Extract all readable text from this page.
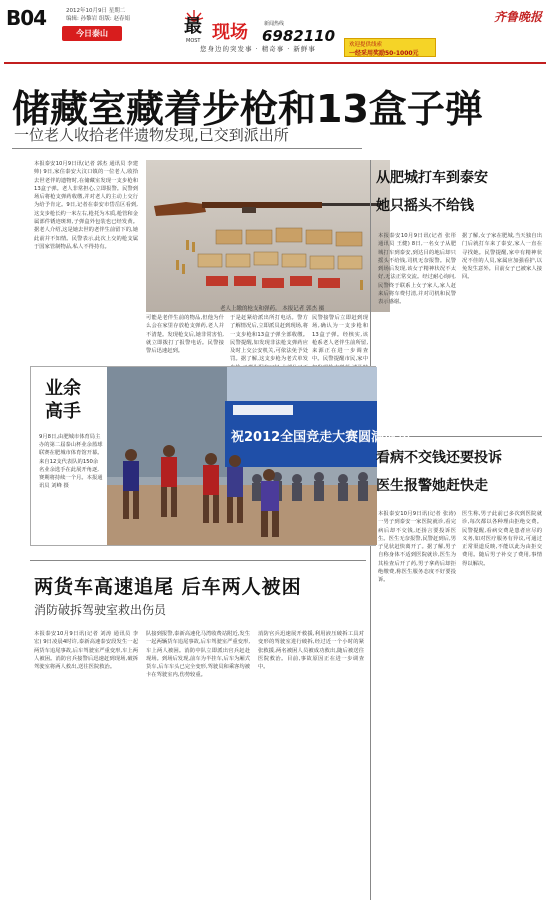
B04	2012年10月9日 星期二
编辑: 孙黎岩 组版: 赵春娟
今日泰山	最 现场
MOST
新闻热线
6982110
您身边的突发事 · 精奇事 · 新鲜事	欢迎提供线索
一经采用奖励50-1000元
齐鲁晚报
储藏室藏着步枪和13盒子弹
一位老人收拾老伴遗物发现,已交到派出所
本报泰安10月9日讯(记者 郭杰 通讯员 李建帅) 9日,家住泰安大汶口镇的一位老人,收拾去世老伴的遗物时,在储藏室发现一支步枪和13盒子弹。老人非常担心,立即报警。民警到场后将枪支弹药收缴,并对老人的主动上交行为给予肯定。9日,记者在泰安市岱岳区看到,这支步枪长约一米左右,枪托为木质,枪管和金属部件锈迹斑斑,子弹盒外包装也已经发黄。据老人介绍,这是她去世的老伴生前留下的,她此前并不知情。民警表示,此次上交的枪支属于国家管制物品,私人不得持有。
老人上缴的枪支和弹药。 本报记者 郭杰 摄
可能是老伴生前的物品,但他为什么会在家里存放枪支弹药,老人并不清楚。发现枪支后,她非常害怕,就立即拨打了报警电话。民警接警后迅速赶到。
于是赶紧给派出所打电话。警方了解情况后,立即派员赶到现场,将一支步枪和13盒子弹全部收缴。民警提醒,如发现非法枪支弹药应及时上交公安机关,可依法免予处罚。据了解,这支步枪为老式单发
民警接警后立即赶到现场,确认为一支步枪和13盒子弹。经核实,该枪系老人老伴生前所留,来源正在进一步调查中。民警提醒市民,家中
从肥城打车到泰安
她只摇头不给钱
本报泰安10月9日讯(记者 张彤 通讯员 王健) 8日,一名女子从肥城打车到泰安,到达目的地后却只摇头不给钱,司机无奈报警。民警到场后发现,该女子精神状况不太好,无法正常交流。经过耐心询问,民警终于联系上女子家人,家人赶来后将车费付清,并对司机和民警表示感谢。
据了解,女子家在肥城,当天独自出门后就打车来了泰安,家人一直在寻找她。民警提醒,家中有精神状况不佳的人员,家属应加强看护,以免发生意外。目前女子已被家人接回。
业余
高手
9月8日,由肥城市体育局主办的第二届泰山杯业余篮球联赛在肥城市体育馆开幕。来自12支代表队的150余名业余选手在此展开角逐,赛期将持续一个月。本报通讯员 刘峰 摄
祝2012全国竞走大赛圆满成功
看病不交钱还要投诉
医生报警她赶快走
本报泰安10月9日讯(记者 张涛) 一男子到泰安一家医院就诊,看完病后却不交钱,还扬言要投诉医生。医生无奈报警,民警赶到后,男子见状赶快离开了。据了解,男子自称身体不适到医院就诊,医生为其检查后开了药,男子拿药后却拒绝缴费,称医生服务态度不好要投诉。
医生称,男子此前已多次到医院就诊,每次都以各种理由拒绝交费。民警提醒,看病交费是患者应尽的义务,如对医疗服务有异议,可通过正常渠道反映,不能以此为由拒交费用。随后男子补交了费用,事情得以解决。
两货车高速追尾 后车两人被困
消防破拆驾驶室救出伤员
本报泰安10月9日讯(记者 刘涛 通讯员 李宏) 9日凌晨4时许,泰新高速泰安段发生一起两货车追尾事故,后车驾驶室严重变形,车上两人被困。消防官兵接警后迅速赶到现场,破拆驾驶室将两人救出,送往医院救治。
队接到报警,泰新高速化马湾收费站附近,发生一起两辆货车追尾事故,后车驾驶室严重变形,车上两人被困。消防中队立即派出官兵赶赴现场。到场后发现,前车为半挂车,后车为厢式货车,后车车头已完全变形,驾驶员和乘客均被卡在驾驶室内,伤势较重。
消防官兵迅速展开救援,利用液压破拆工具对变形的驾驶室进行破拆,经过近一个小时的紧张救援,两名被困人员被成功救出,随后被送往医院救治。目前,事故原因正在进一步调查中。
